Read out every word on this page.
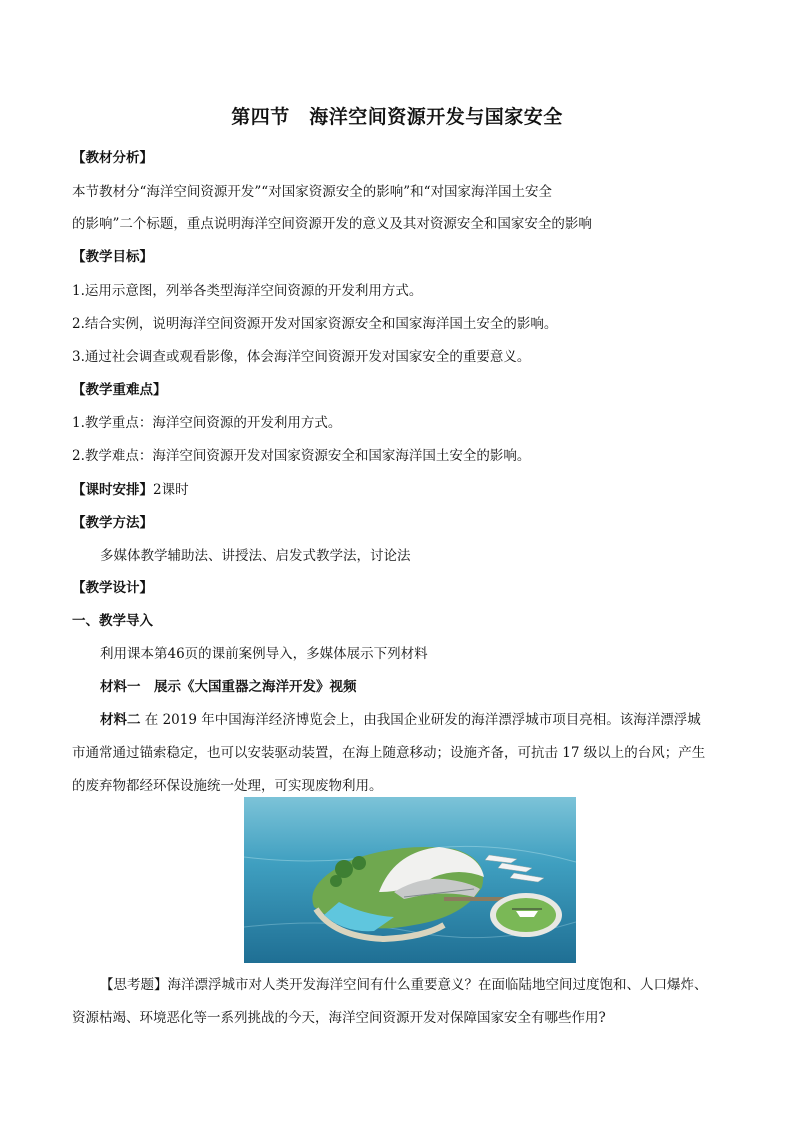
第四节　海洋空间资源开发与国家安全
【教材分析】
本节教材分“海洋空间资源开发”“对国家资源安全的影响”和“对国家海洋国土安全
的影响”二个标题，重点说明海洋空间资源开发的意义及其对资源安全和国家安全的影响
【教学目标】
1.运用示意图，列举各类型海洋空间资源的开发利用方式。
2.结合实例，说明海洋空间资源开发对国家资源安全和国家海洋国土安全的影响。
3.通过社会调查或观看影像，体会海洋空间资源开发对国家安全的重要意义。
【教学重难点】
1.教学重点：海洋空间资源的开发利用方式。
2.教学难点：海洋空间资源开发对国家资源安全和国家海洋国土安全的影响。
【课时安排】2课时
【教学方法】
多媒体教学辅助法、讲授法、启发式教学法，讨论法
【教学设计】
一、教学导入
利用课本第46页的课前案例导入，多媒体展示下列材料
材料一　展示《大国重器之海洋开发》视频
材料二 在 2019 年中国海洋经济博览会上，由我国企业研发的海洋漂浮城市项目亮相。该海洋漂浮城
市通常通过锚索稳定，也可以安装驱动装置，在海上随意移动；设施齐备，可抗击 17 级以上的台风；产生
的废弃物都经环保设施统一处理，可实现废物利用。
【思考题】海洋漂浮城市对人类开发海洋空间有什么重要意义？在面临陆地空间过度饱和、人口爆炸、
资源枯竭、环境恶化等一系列挑战的今天，海洋空间资源开发对保障国家安全有哪些作用?
